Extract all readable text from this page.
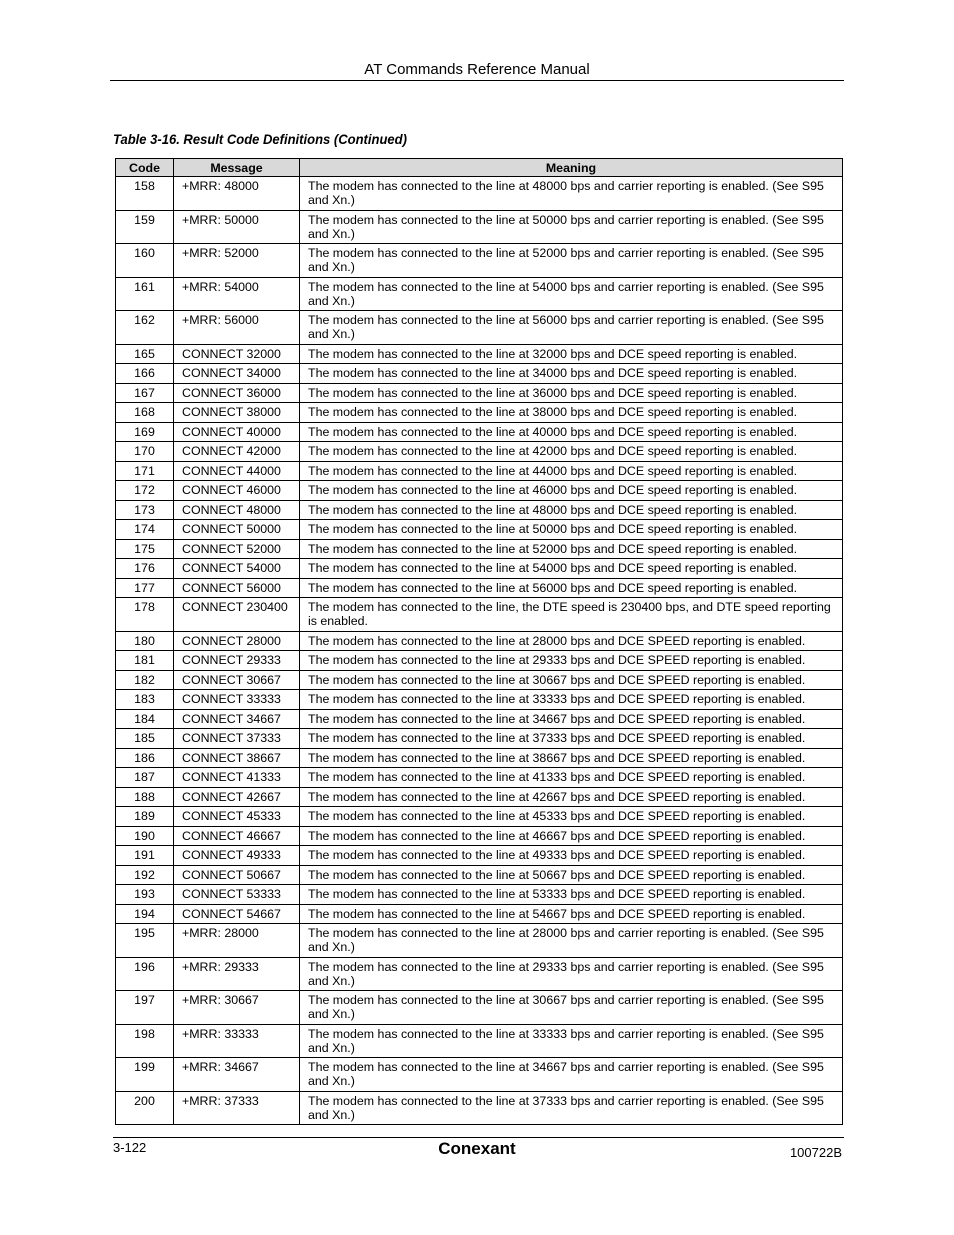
AT Commands Reference Manual
Table 3-16. Result Code Definitions (Continued)
Code	Message	Meaning
158	+MRR: 48000	The modem has connected to the line at 48000 bps and carrier reporting is enabled. (See S95 and Xn.)
159	+MRR: 50000	The modem has connected to the line at 50000 bps and carrier reporting is enabled. (See S95 and Xn.)
160	+MRR: 52000	The modem has connected to the line at 52000 bps and carrier reporting is enabled. (See S95 and Xn.)
161	+MRR: 54000	The modem has connected to the line at 54000 bps and carrier reporting is enabled. (See S95 and Xn.)
162	+MRR: 56000	The modem has connected to the line at 56000 bps and carrier reporting is enabled. (See S95 and Xn.)
165	CONNECT 32000	The modem has connected to the line at 32000 bps and DCE speed reporting is enabled.
166	CONNECT 34000	The modem has connected to the line at 34000 bps and DCE speed reporting is enabled.
167	CONNECT 36000	The modem has connected to the line at 36000 bps and DCE speed reporting is enabled.
168	CONNECT 38000	The modem has connected to the line at 38000 bps and DCE speed reporting is enabled.
169	CONNECT 40000	The modem has connected to the line at 40000 bps and DCE speed reporting is enabled.
170	CONNECT 42000	The modem has connected to the line at 42000 bps and DCE speed reporting is enabled.
171	CONNECT 44000	The modem has connected to the line at 44000 bps and DCE speed reporting is enabled.
172	CONNECT 46000	The modem has connected to the line at 46000 bps and DCE speed reporting is enabled.
173	CONNECT 48000	The modem has connected to the line at 48000 bps and DCE speed reporting is enabled.
174	CONNECT 50000	The modem has connected to the line at 50000 bps and DCE speed reporting is enabled.
175	CONNECT 52000	The modem has connected to the line at 52000 bps and DCE speed reporting is enabled.
176	CONNECT 54000	The modem has connected to the line at 54000 bps and DCE speed reporting is enabled.
177	CONNECT 56000	The modem has connected to the line at 56000 bps and DCE speed reporting is enabled.
178	CONNECT 230400	The modem has connected to the line, the DTE speed is 230400 bps, and DTE speed reporting is enabled.
180	CONNECT 28000	The modem has connected to the line at 28000 bps and DCE SPEED reporting is enabled.
181	CONNECT 29333	The modem has connected to the line at 29333 bps and DCE SPEED reporting is enabled.
182	CONNECT 30667	The modem has connected to the line at 30667 bps and DCE SPEED reporting is enabled.
183	CONNECT 33333	The modem has connected to the line at 33333 bps and DCE SPEED reporting is enabled.
184	CONNECT 34667	The modem has connected to the line at 34667 bps and DCE SPEED reporting is enabled.
185	CONNECT 37333	The modem has connected to the line at 37333 bps and DCE SPEED reporting is enabled.
186	CONNECT 38667	The modem has connected to the line at 38667 bps and DCE SPEED reporting is enabled.
187	CONNECT 41333	The modem has connected to the line at 41333 bps and DCE SPEED reporting is enabled.
188	CONNECT 42667	The modem has connected to the line at 42667 bps and DCE SPEED reporting is enabled.
189	CONNECT 45333	The modem has connected to the line at 45333 bps and DCE SPEED reporting is enabled.
190	CONNECT 46667	The modem has connected to the line at 46667 bps and DCE SPEED reporting is enabled.
191	CONNECT 49333	The modem has connected to the line at 49333 bps and DCE SPEED reporting is enabled.
192	CONNECT 50667	The modem has connected to the line at 50667 bps and DCE SPEED reporting is enabled.
193	CONNECT 53333	The modem has connected to the line at 53333 bps and DCE SPEED reporting is enabled.
194	CONNECT 54667	The modem has connected to the line at 54667 bps and DCE SPEED reporting is enabled.
195	+MRR: 28000	The modem has connected to the line at 28000 bps and carrier reporting is enabled. (See S95 and Xn.)
196	+MRR: 29333	The modem has connected to the line at 29333 bps and carrier reporting is enabled. (See S95 and Xn.)
197	+MRR: 30667	The modem has connected to the line at 30667 bps and carrier reporting is enabled. (See S95 and Xn.)
198	+MRR: 33333	The modem has connected to the line at 33333 bps and carrier reporting is enabled. (See S95 and Xn.)
199	+MRR: 34667	The modem has connected to the line at 34667 bps and carrier reporting is enabled. (See S95 and Xn.)
200	+MRR: 37333	The modem has connected to the line at 37333 bps and carrier reporting is enabled. (See S95 and Xn.)
3-122	Conexant	100722B
